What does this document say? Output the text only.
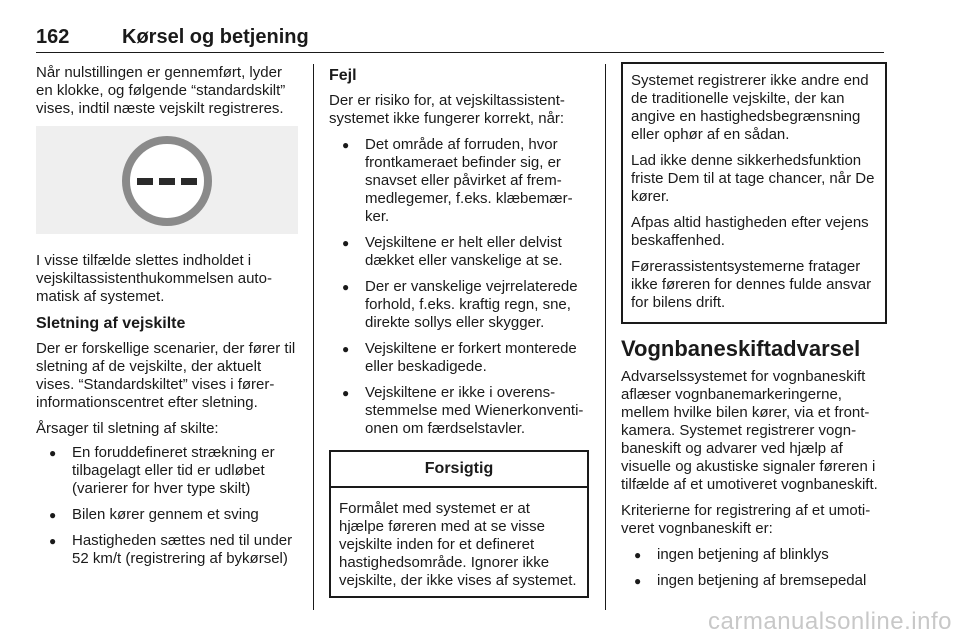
162	Kørsel og betjening

Når nulstillingen er gennemført, lyder en klokke, og følgende “standardskilt” vises, indtil næste vejskilt registreres.

I visse tilfælde slettes indholdet i vejskiltassistenthukommelsen automatisk af systemet.

Sletning af vejskilte

Der er forskellige scenarier, der fører til sletning af de vejskilte, der aktuelt vises. “Standardskiltet” vises i førerinformationscentret efter sletning.

Årsager til sletning af skilte:

● En foruddefineret strækning er tilbagelagt eller tid er udløbet (varierer for hver type skilt)
● Bilen kører gennem et sving
● Hastigheden sættes ned til under 52 km/t (registrering af bykørsel)
Fejl

Der er risiko for, at vejskiltassistentsystemet ikke fungerer korrekt, når:

● Det område af forruden, hvor frontkameraet befinder sig, er snavset eller påvirket af fremmedlegemer, f.eks. klæbemærker.
● Vejskiltene er helt eller delvist dækket eller vanskelige at se.
● Der er vanskelige vejrrelaterede forhold, f.eks. kraftig regn, sne, direkte sollys eller skygger.
● Vejskiltene er forkert monterede eller beskadigede.
● Vejskiltene er ikke i overensstemmelse med Wienerkonventionen om færdselstavler.
Forsigtig
Formålet med systemet er at hjælpe føreren med at se visse vejskilte inden for et defineret hastighedsområde. Ignorer ikke vejskilte, der ikke vises af systemet.

Systemet registrerer ikke andre end de traditionelle vejskilte, der kan angive en hastighedsbegrænsning eller ophør af en sådan.

Lad ikke denne sikkerhedsfunktion friste Dem til at tage chancer, når De kører.

Afpas altid hastigheden efter vejens beskaffenhed.

Førerassistentsystemerne fratager ikke føreren for dennes fulde ansvar for bilens drift.

Vognbaneskiftadvarsel

Advarselssystemet for vognbaneskift aflæser vognbanemarkeringerne, mellem hvilke bilen kører, via et frontkamera. Systemet registrerer vognbaneskift og advarer ved hjælp af visuelle og akustiske signaler føreren i tilfælde af et umotiveret vognbaneskift.

Kriterierne for registrering af et umotiveret vognbaneskift er:

● ingen betjening af blinklys
● ingen betjening af bremsepedal
carmanualsonline.info
